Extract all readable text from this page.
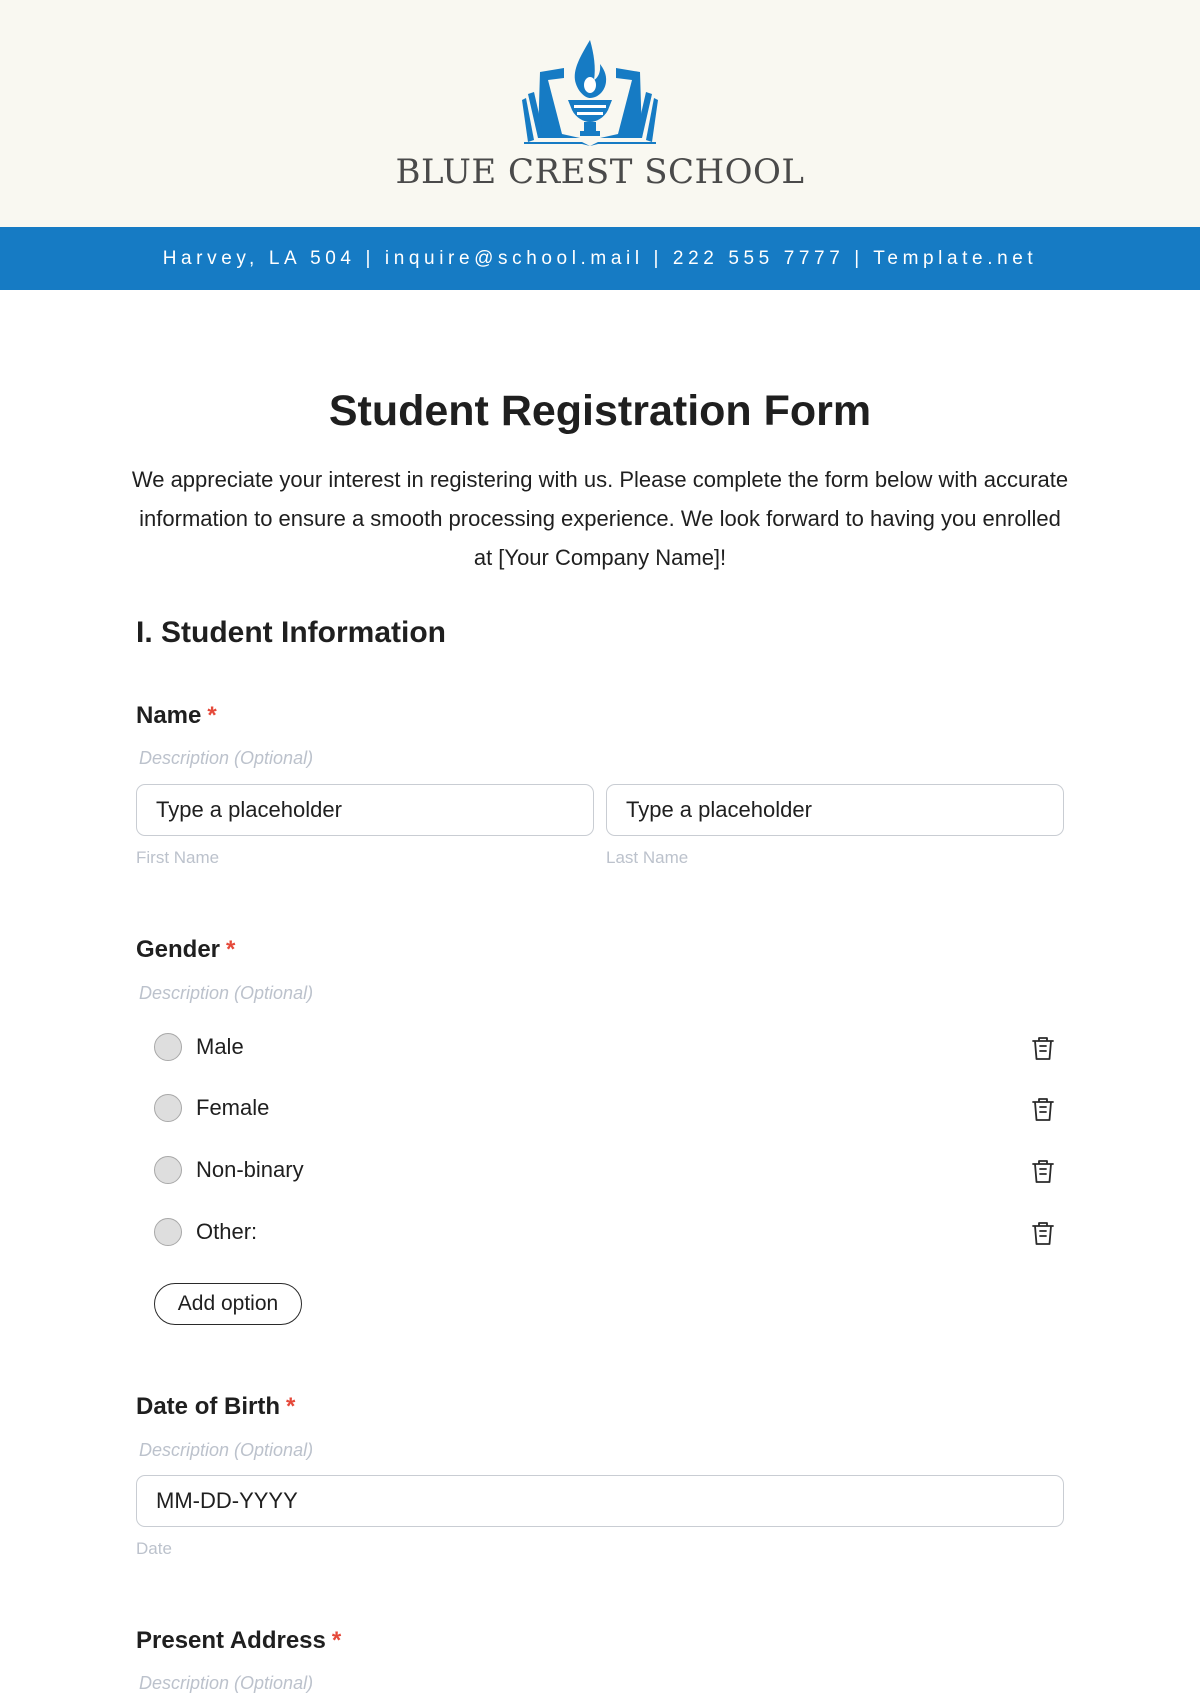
BLUE CREST SCHOOL
Harvey, LA 504 | inquire@school.mail | 222 555 7777 | Template.net
Student Registration Form
We appreciate your interest in registering with us. Please complete the form below with accurate information to ensure a smooth processing experience. We look forward to having you enrolled at [Your Company Name]!
I. Student Information
Name *
Description (Optional)
Type a placeholder
First Name
Type a placeholder
Last Name
Gender *
Description (Optional)
Male
Female
Non-binary
Other:
Add option
Date of Birth *
Description (Optional)
MM-DD-YYYY
Date
Present Address *
Description (Optional)
